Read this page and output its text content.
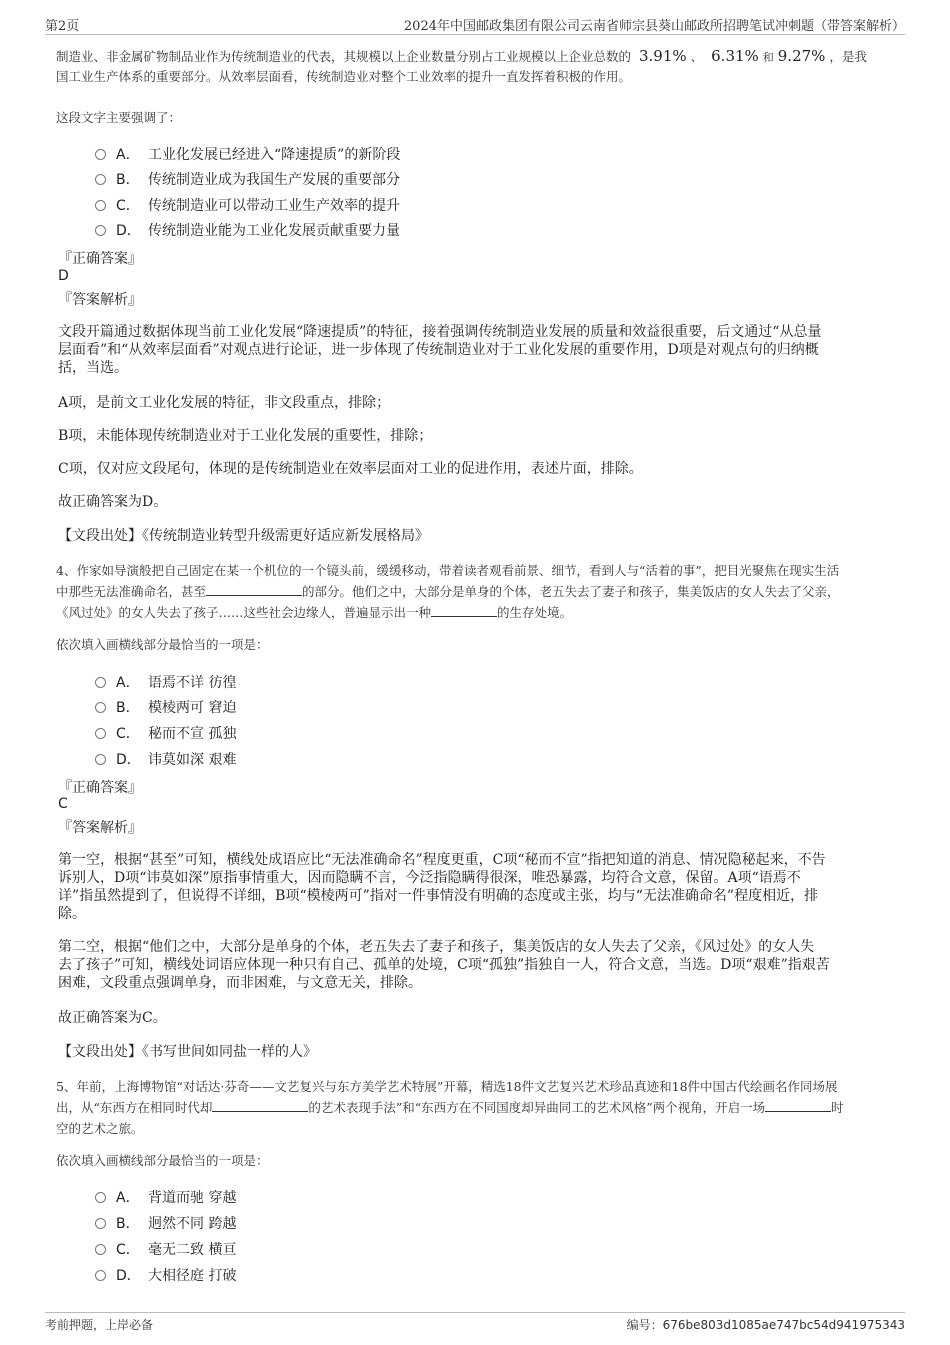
第2页	2024年中国邮政集团有限公司云南省师宗县葵山邮政所招聘笔试冲刺题（带答案解析）
制造业、非金属矿物制品业作为传统制造业的代表，其规模以上企业数量分别占工业规模以上企业总数的 3.91% 、 6.31% 和 9.27% ，是我
国工业生产体系的重要部分。从效率层面看，传统制造业对整个工业效率的提升一直发挥着积极的作用。
这段文字主要强调了：
A． 工业化发展已经进入“降速提质”的新阶段
B． 传统制造业成为我国生产发展的重要部分
C． 传统制造业可以带动工业生产效率的提升
D． 传统制造业能为工业化发展贡献重要力量
『正确答案』
D
『答案解析』
文段开篇通过数据体现当前工业化发展“降速提质”的特征，接着强调传统制造业发展的质量和效益很重要，后文通过“从总量
层面看”和“从效率层面看”对观点进行论证，进一步体现了传统制造业对于工业化发展的重要作用，D项是对观点句的归纳概
括，当选。
A项，是前文工业化发展的特征，非文段重点，排除；
B项，未能体现传统制造业对于工业化发展的重要性，排除；
C项，仅对应文段尾句，体现的是传统制造业在效率层面对工业的促进作用，表述片面，排除。
故正确答案为D。
【文段出处】《传统制造业转型升级需更好适应新发展格局》
4、作家如导演般把自己固定在某一个机位的一个镜头前，缓缓移动，带着读者观看前景、细节，看到人与“活着的事”，把目光聚焦在现实生活
中那些无法准确命名，甚至	的部分。他们之中，大部分是单身的个体，老五失去了妻子和孩子，集美饭店的女人失去了父亲，
《风过处》的女人失去了孩子……这些社会边缘人，普遍显示出一种	的生存处境。
依次填入画横线部分最恰当的一项是：
A． 语焉不详 彷徨
B． 模棱两可 窘迫
C． 秘而不宣 孤独
D． 讳莫如深 艰难
『正确答案』
C
『答案解析』
第一空，根据“甚至”可知，横线处成语应比“无法准确命名”程度更重，C项“秘而不宣”指把知道的消息、情况隐秘起来，不告
诉别人，D项“讳莫如深”原指事情重大，因而隐瞒不言，今泛指隐瞒得很深，唯恐暴露，均符合文意，保留。A项“语焉不
详”指虽然提到了，但说得不详细，B项“模棱两可”指对一件事情没有明确的态度或主张，均与“无法准确命名”程度相近，排
除。
第二空，根据“他们之中，大部分是单身的个体，老五失去了妻子和孩子，集美饭店的女人失去了父亲，《风过处》的女人失
去了孩子”可知，横线处词语应体现一种只有自己、孤单的处境，C项“孤独”指独自一人，符合文意，当选。D项“艰难”指艰苦
困难，文段重点强调单身，而非困难，与文意无关，排除。
故正确答案为C。
【文段出处】《书写世间如同盐一样的人》
5、年前，上海博物馆“对话达·芬奇——文艺复兴与东方美学艺术特展”开幕，精选18件文艺复兴艺术珍品真迹和18件中国古代绘画名作同场展
出，从“东西方在相同时代却	的艺术表现手法”和“东西方在不同国度却异曲同工的艺术风格”两个视角，开启一场	时
空的艺术之旅。
依次填入画横线部分最恰当的一项是：
A． 背道而驰 穿越
B． 迥然不同 跨越
C． 毫无二致 横亘
D． 大相径庭 打破
考前押题，上岸必备	编号：676be803d1085ae747bc54d941975343
